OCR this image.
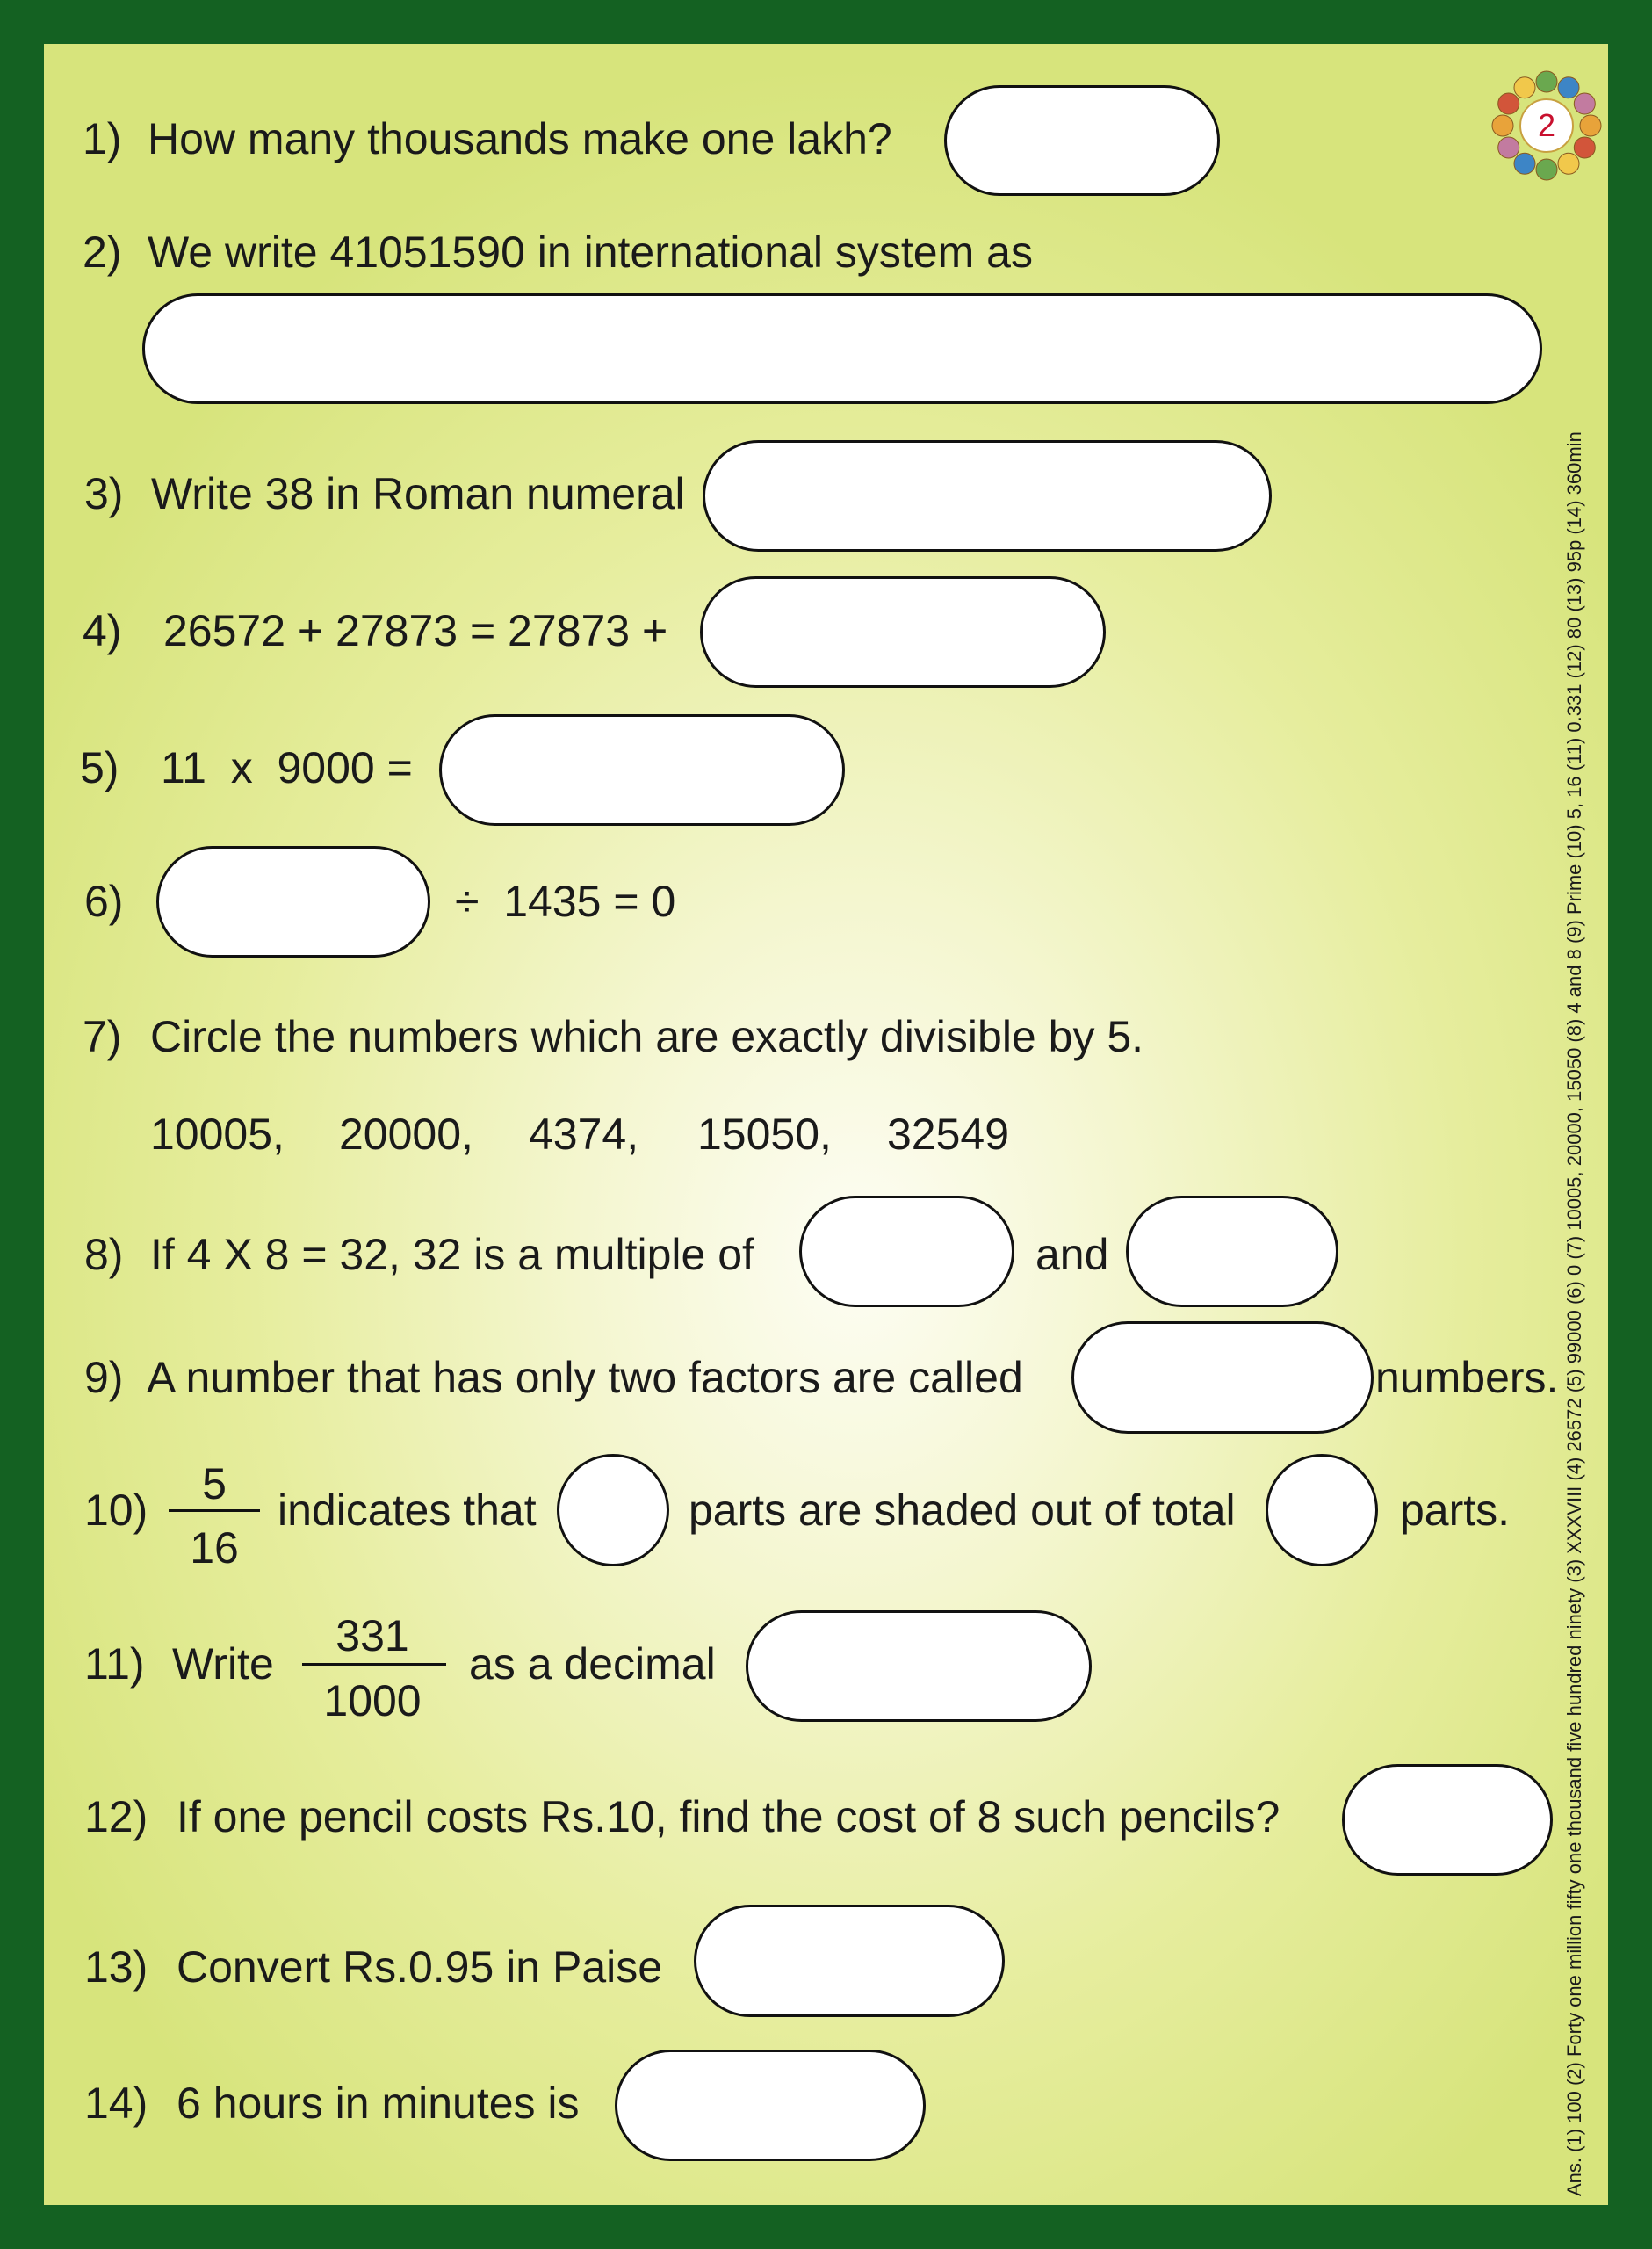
2
1) How many thousands make one lakh?
2) We write 41051590 in international system as
3) Write 38 in Roman numeral
4) 26572 + 27873 = 27873 +
5) 11  x  9000 =
6)	÷  1435 = 0
7) Circle the numbers which are exactly divisible by 5.
10005, 20000, 4374, 15050, 32549
8) If 4 X 8 = 32, 32 is a multiple of	and
9) A number that has only two factors are called	numbers.
10)
5
16
indicates that	parts are shaded out of total	parts.
11) Write
331
1000
as a decimal
12) If one pencil costs Rs.10, find the cost of 8 such pencils?
13) Convert Rs.0.95 in Paise
14) 6 hours in minutes is	Ans. (1) 100 (2) Forty one million fifty one thousand five hundred ninety (3) XXXVIII (4) 26572 (5) 99000 (6) 0 (7) 10005, 20000, 15050 (8) 4 and 8 (9) Prime (10) 5, 16 (11) 0.331 (12) 80 (13) 95p (14) 360min
